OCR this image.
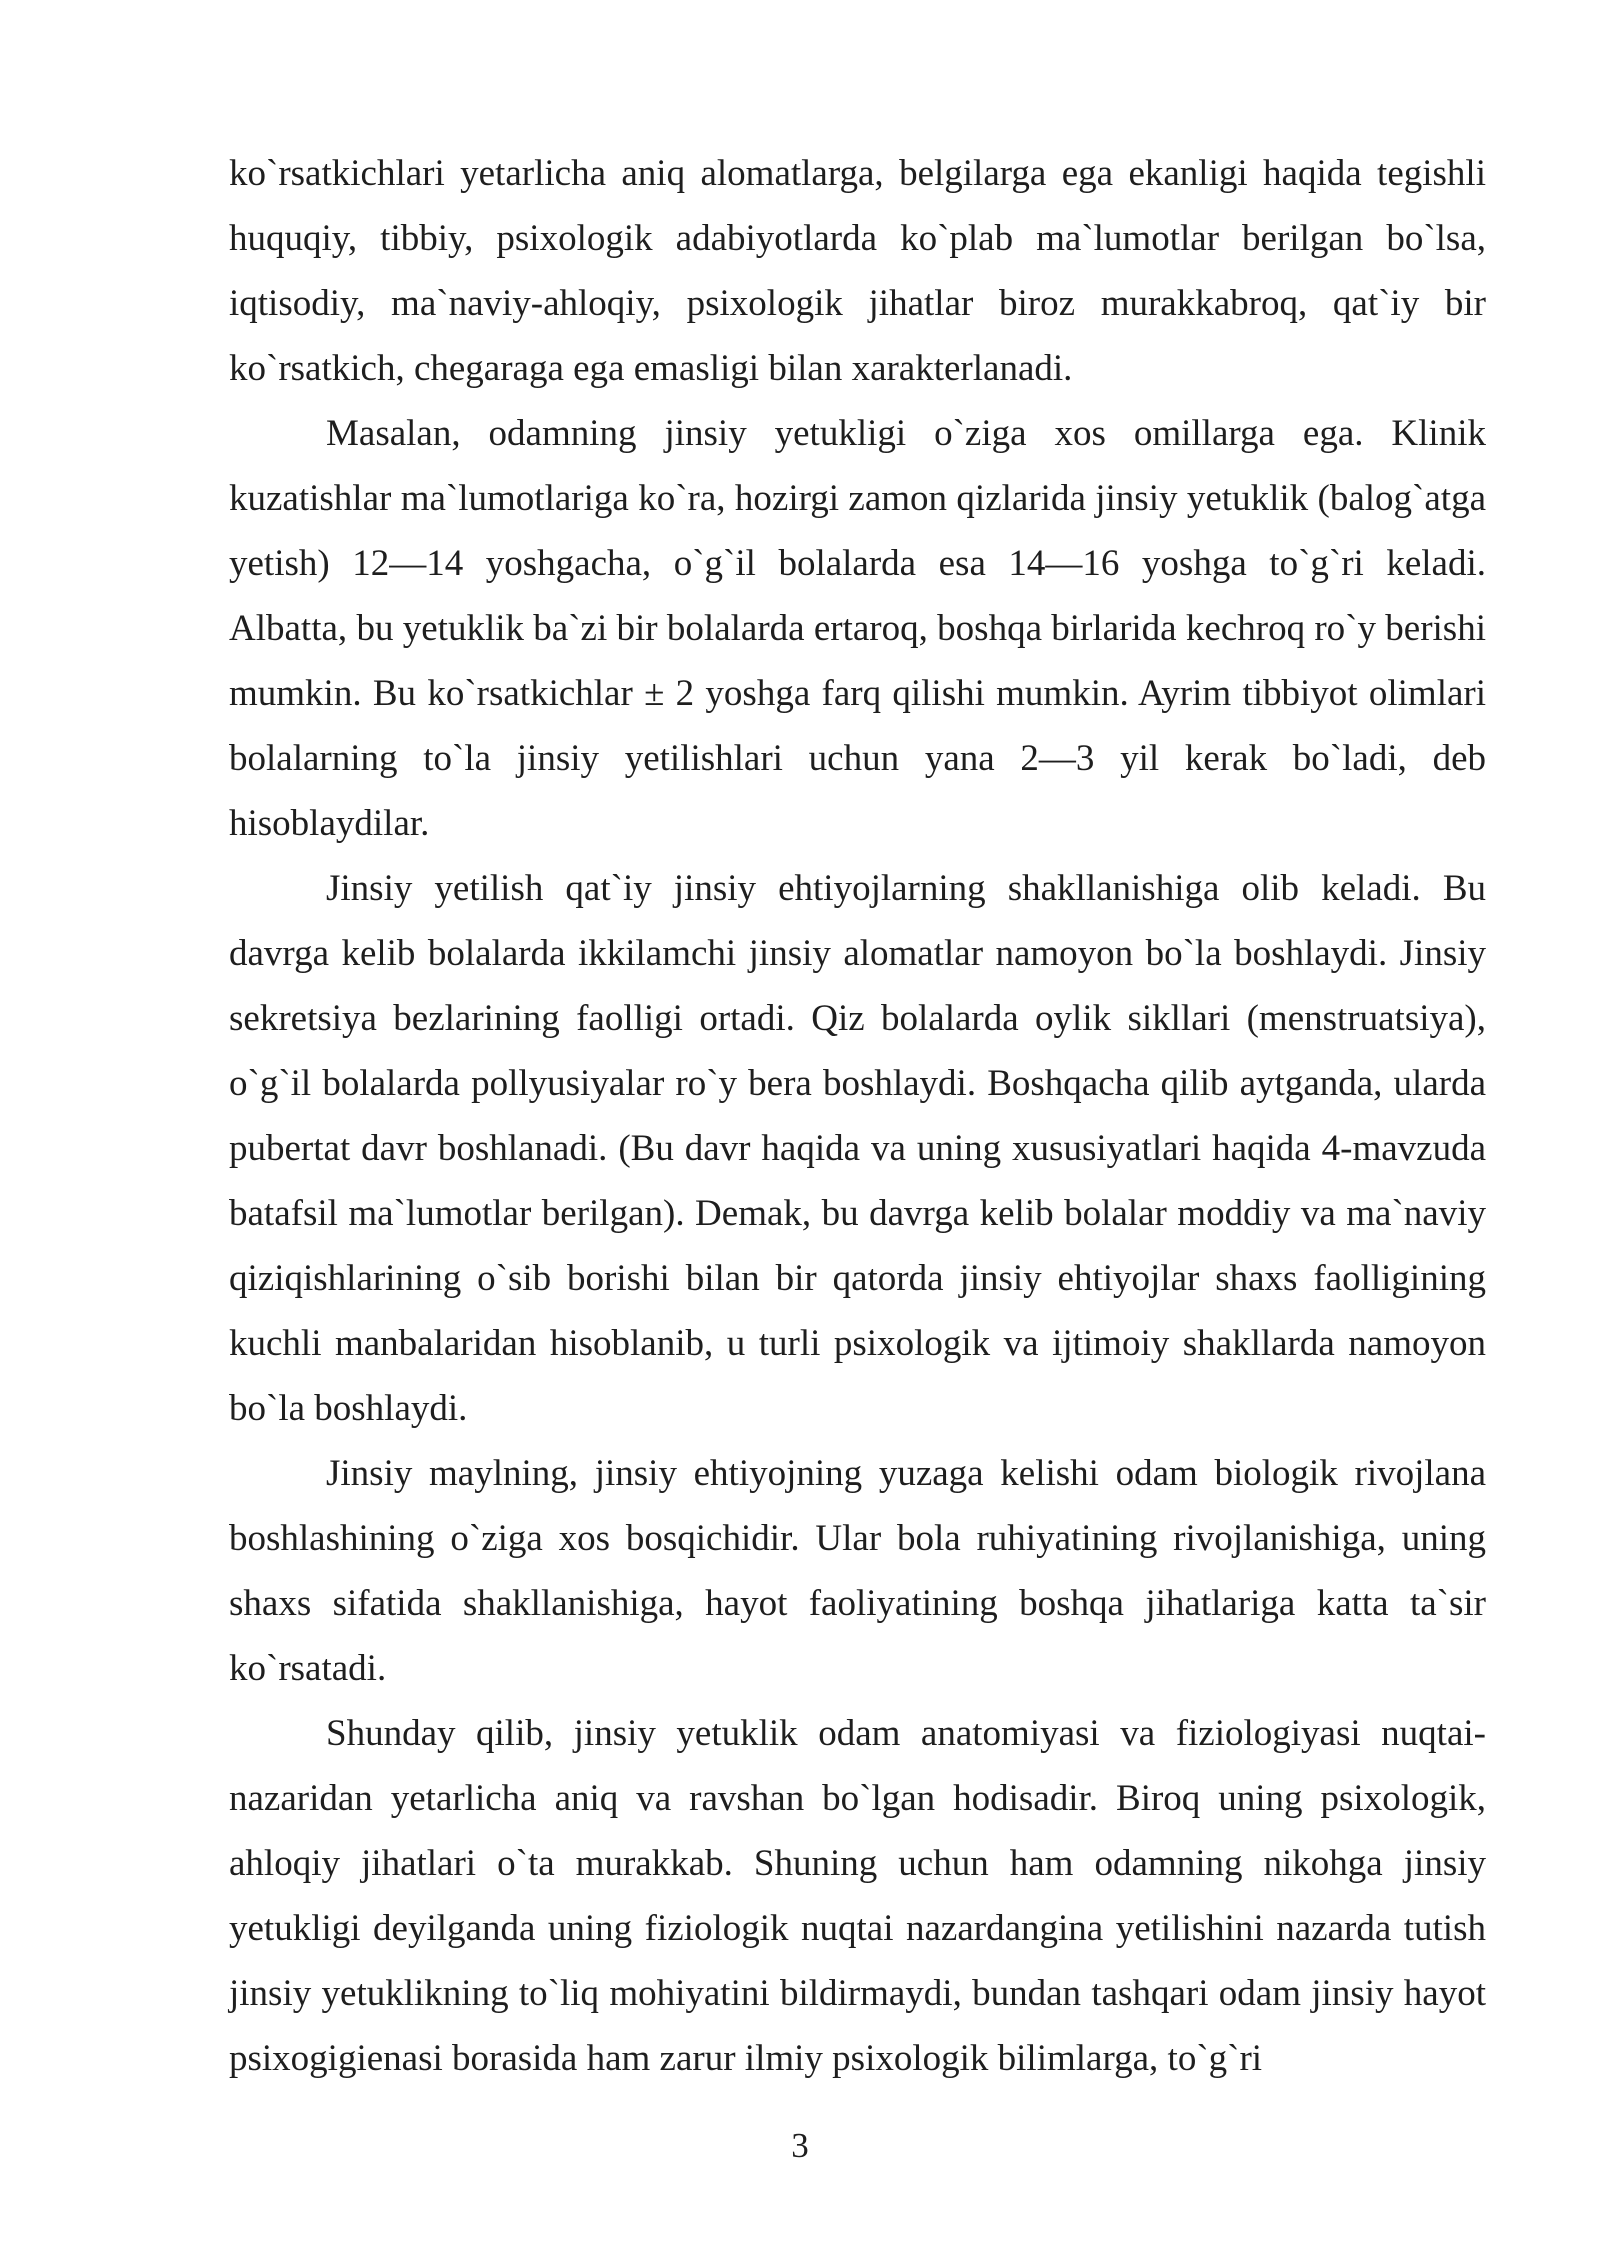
ko`rsatkichlari yetarlicha aniq alomatlarga, belgilarga ega ekanligi haqida tegishli huquqiy, tibbiy, psixologik adabiyotlarda ko`plab ma`lumotlar berilgan bo`lsa, iqtisodiy, ma`naviy-ahloqiy, psixologik jihatlar biroz murakkabroq, qat`iy bir ko`rsatkich, chegaraga ega emasligi bilan xarakterlanadi.

Masalan, odamning jinsiy yetukligi o`ziga xos omillarga ega. Klinik kuzatishlar ma`lumotlariga ko`ra, hozirgi zamon qizlarida jinsiy yetuklik (balog`atga yetish) 12—14 yoshgacha, o`g`il bolalarda esa 14—16 yoshga to`g`ri keladi. Albatta, bu yetuklik ba`zi bir bolalarda ertaroq, boshqa birlarida kechroq ro`y berishi mumkin. Bu ko`rsatkichlar ± 2 yoshga farq qilishi mumkin. Ayrim tibbiyot olimlari bolalarning to`la jinsiy yetilishlari uchun yana 2—3 yil kerak bo`ladi, deb hisoblaydilar.

Jinsiy yetilish qat`iy jinsiy ehtiyojlarning shakllanishiga olib keladi. Bu davrga kelib bolalarda ikkilamchi jinsiy alomatlar namoyon bo`la boshlaydi. Jinsiy sekretsiya bezlarining faolligi ortadi. Qiz bolalarda oylik sikllari (menstruatsiya), o`g`il bolalarda pollyusiyalar ro`y bera boshlaydi. Boshqacha qilib aytganda, ularda pubertat davr boshlanadi. (Bu davr haqida va uning xususiyatlari haqida 4-mavzuda batafsil ma`lumotlar berilgan). Demak, bu davrga kelib bolalar moddiy va ma`naviy qiziqishlarining o`sib borishi bilan bir qatorda jinsiy ehtiyojlar shaxs faolligining kuchli manbalaridan hisoblanib, u turli psixologik va ijtimoiy shakllarda namoyon bo`la boshlaydi.

Jinsiy maylning, jinsiy ehtiyojning yuzaga kelishi odam biologik rivojlana boshlashining o`ziga xos bosqichidir. Ular bola ruhiyatining rivojlanishiga, uning shaxs sifatida shakllanishiga, hayot faoliyatining boshqa jihatlariga katta ta`sir ko`rsatadi.

Shunday qilib, jinsiy yetuklik odam anatomiyasi va fiziologiyasi nuqtai-nazaridan yetarlicha aniq va ravshan bo`lgan hodisadir. Biroq uning psixologik, ahloqiy jihatlari o`ta murakkab. Shuning uchun ham odamning nikohga jinsiy yetukligi deyilganda uning fiziologik nuqtai nazardangina yetilishini nazarda tutish jinsiy yetuklikning to`liq mohiyatini bildirmaydi, bundan tashqari odam jinsiy hayot psixogigienasi borasida ham zarur ilmiy psixologik bilimlarga, to`g`ri

3
